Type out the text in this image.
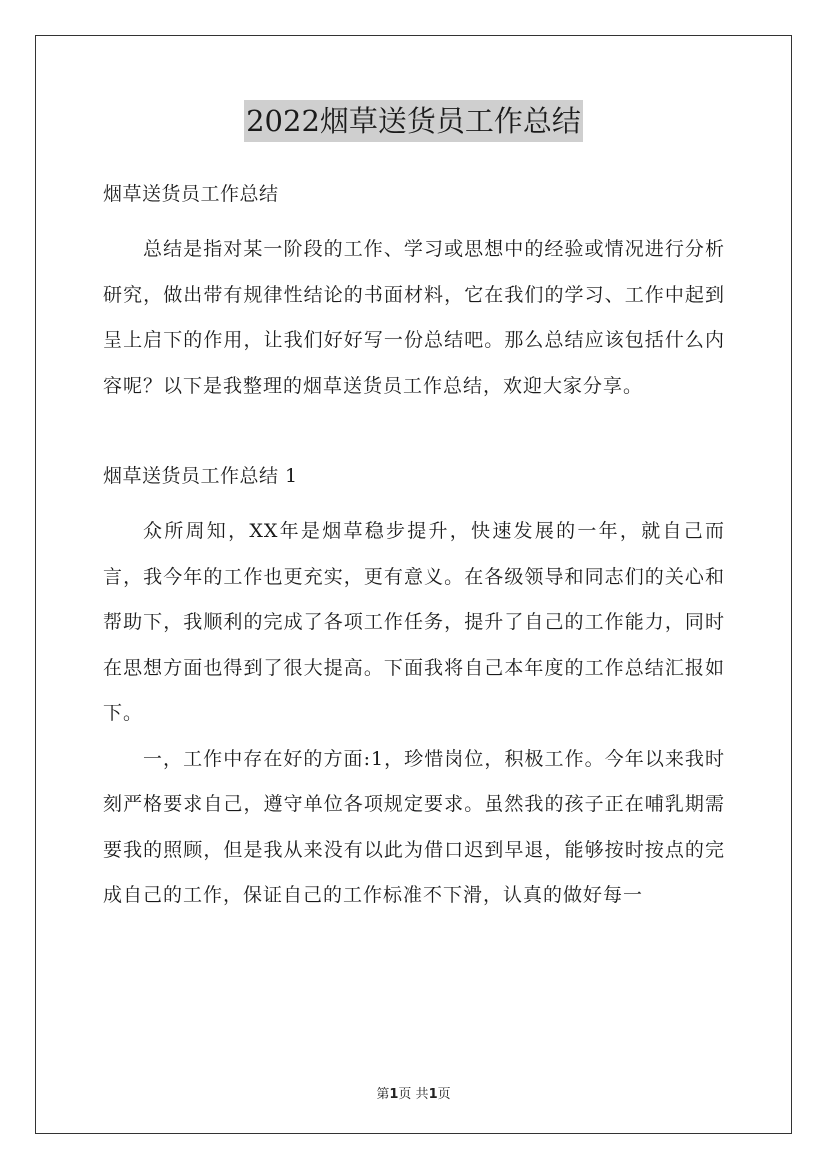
2022烟草送货员工作总结

烟草送货员工作总结

总结是指对某一阶段的工作、学习或思想中的经验或情况进行分析研究，做出带有规律性结论的书面材料，它在我们的学习、工作中起到呈上启下的作用，让我们好好写一份总结吧。那么总结应该包括什么内容呢？以下是我整理的烟草送货员工作总结，欢迎大家分享。

烟草送货员工作总结 1

众所周知，XX年是烟草稳步提升，快速发展的一年，就自己而言，我今年的工作也更充实，更有意义。在各级领导和同志们的关心和帮助下，我顺利的完成了各项工作任务，提升了自己的工作能力，同时在思想方面也得到了很大提高。下面我将自己本年度的工作总结汇报如下。

一，工作中存在好的方面:1，珍惜岗位，积极工作。今年以来我时刻严格要求自己，遵守单位各项规定要求。虽然我的孩子正在哺乳期需要我的照顾，但是我从来没有以此为借口迟到早退，能够按时按点的完成自己的工作，保证自己的工作标准不下滑，认真的做好每一

第1页 共1页
